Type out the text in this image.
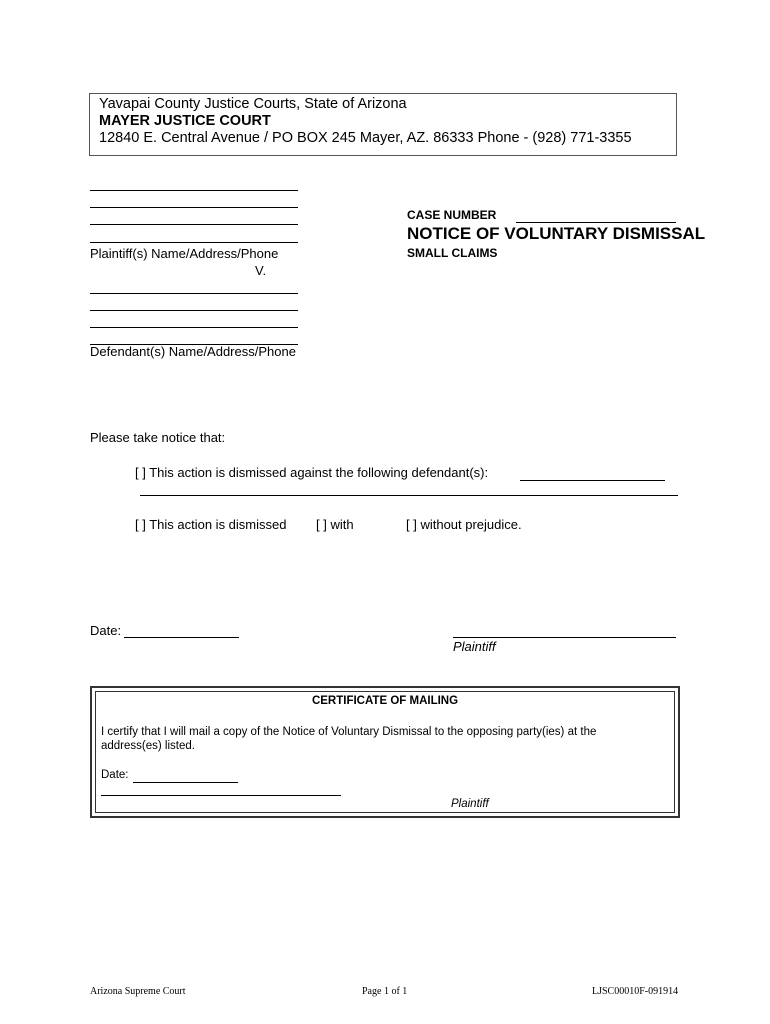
Yavapai County Justice Courts, State of Arizona
MAYER JUSTICE COURT
12840 E. Central Avenue / PO BOX 245 Mayer, AZ. 86333 Phone - (928) 771-3355
Plaintiff(s) Name/Address/Phone
V.
Defendant(s) Name/Address/Phone
CASE NUMBER
NOTICE OF VOLUNTARY DISMISSAL
SMALL CLAIMS
Please take notice that:
[ ] This action is dismissed against the following defendant(s):
[ ] This action is dismissed [ ] with	[ ] without prejudice.
Date:
Plaintiff
CERTIFICATE OF MAILING
I certify that I will mail a copy of the Notice of Voluntary Dismissal to the opposing party(ies) at the
address(es) listed.
Date:
Plaintiff
Arizona Supreme Court	Page 1 of 1	LJSC00010F-091914
